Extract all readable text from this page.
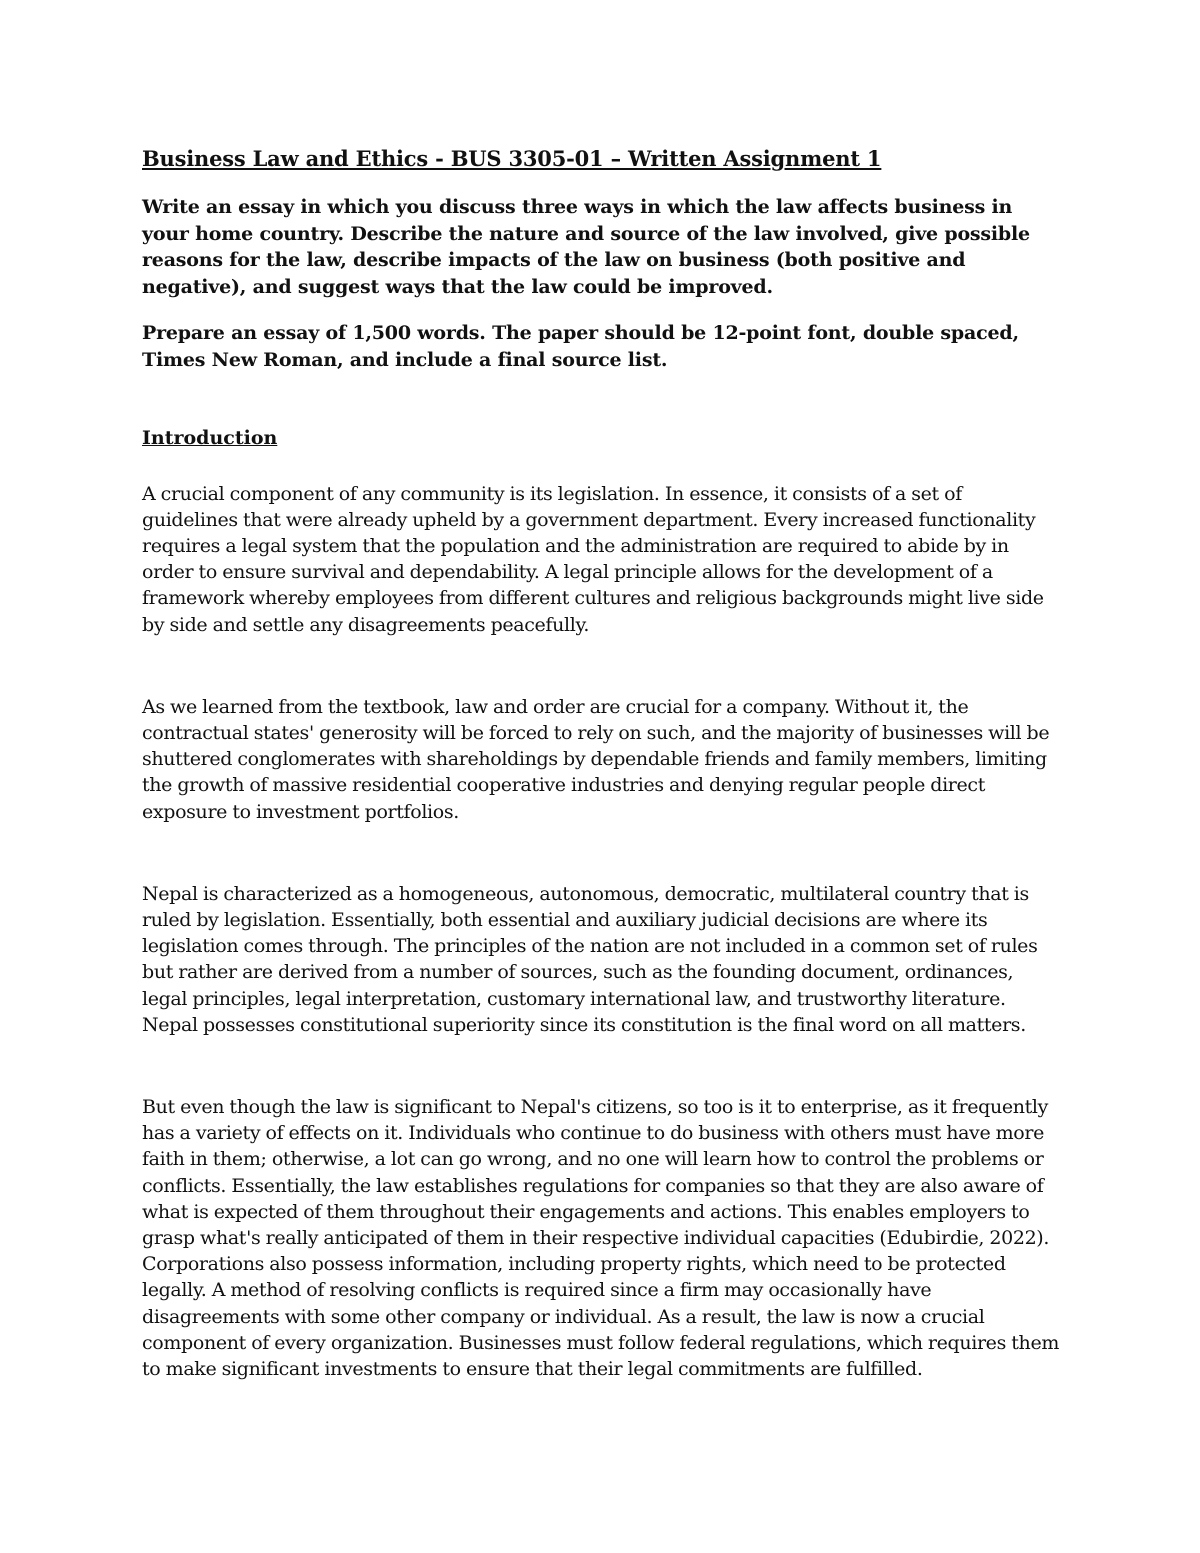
Business Law and Ethics - BUS 3305-01 – Written Assignment 1
Write an essay in which you discuss three ways in which the law affects business in your home country. Describe the nature and source of the law involved, give possible reasons for the law, describe impacts of the law on business (both positive and negative), and suggest ways that the law could be improved.
Prepare an essay of 1,500 words. The paper should be 12-point font, double spaced, Times New Roman, and include a final source list.
Introduction
A crucial component of any community is its legislation. In essence, it consists of a set of guidelines that were already upheld by a government department. Every increased functionality requires a legal system that the population and the administration are required to abide by in order to ensure survival and dependability. A legal principle allows for the development of a framework whereby employees from different cultures and religious backgrounds might live side by side and settle any disagreements peacefully.
As we learned from the textbook, law and order are crucial for a company. Without it, the contractual states' generosity will be forced to rely on such, and the majority of businesses will be shuttered conglomerates with shareholdings by dependable friends and family members, limiting the growth of massive residential cooperative industries and denying regular people direct exposure to investment portfolios.
Nepal is characterized as a homogeneous, autonomous, democratic, multilateral country that is ruled by legislation. Essentially, both essential and auxiliary judicial decisions are where its legislation comes through. The principles of the nation are not included in a common set of rules but rather are derived from a number of sources, such as the founding document, ordinances, legal principles, legal interpretation, customary international law, and trustworthy literature. Nepal possesses constitutional superiority since its constitution is the final word on all matters.
But even though the law is significant to Nepal's citizens, so too is it to enterprise, as it frequently has a variety of effects on it. Individuals who continue to do business with others must have more faith in them; otherwise, a lot can go wrong, and no one will learn how to control the problems or conflicts. Essentially, the law establishes regulations for companies so that they are also aware of what is expected of them throughout their engagements and actions. This enables employers to grasp what's really anticipated of them in their respective individual capacities (Edubirdie, 2022). Corporations also possess information, including property rights, which need to be protected legally. A method of resolving conflicts is required since a firm may occasionally have disagreements with some other company or individual. As a result, the law is now a crucial component of every organization. Businesses must follow federal regulations, which requires them to make significant investments to ensure that their legal commitments are fulfilled.
